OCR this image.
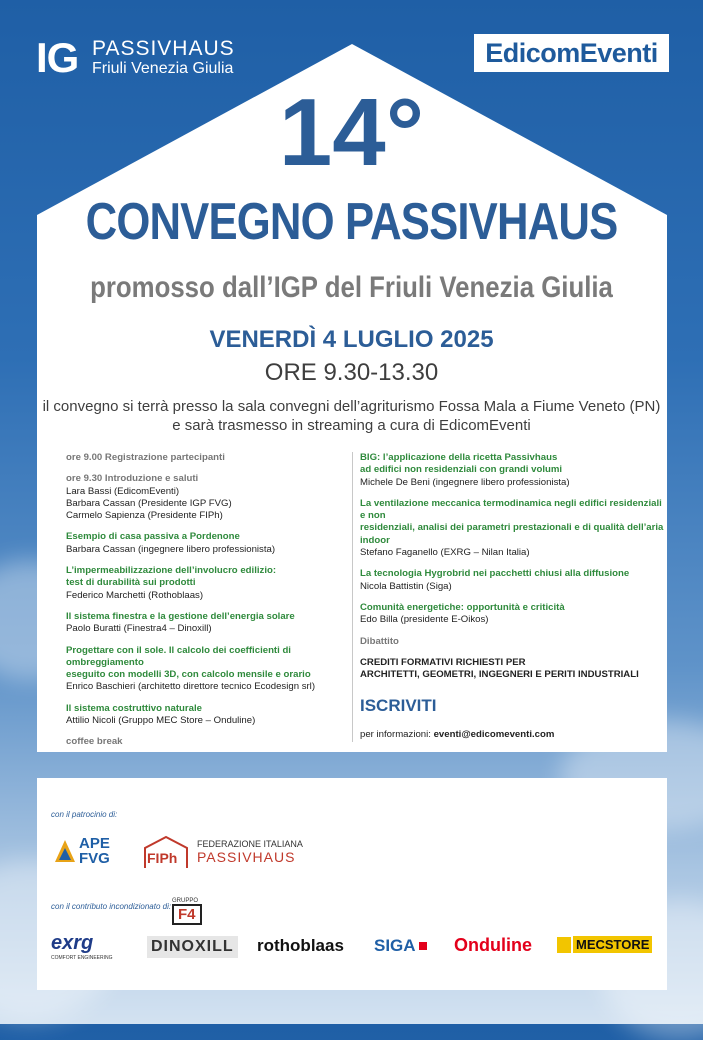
IG PASSIVHAUS
Friuli Venezia Giulia
EdicomEventi
14°
CONVEGNO PASSIVHAUS
promosso dall’IGP del Friuli Venezia Giulia
VENERDÌ 4 LUGLIO 2025
ORE 9.30-13.30
il convegno si terrà presso la sala convegni dell’agriturismo Fossa Mala a Fiume Veneto (PN)
e sarà trasmesso in streaming a cura di EdicomEventi
ore 9.00 Registrazione partecipanti
ore 9.30 Introduzione e saluti
Lara Bassi (EdicomEventi)
Barbara Cassan (Presidente IGP FVG)
Carmelo Sapienza (Presidente FIPh)
Esempio di casa passiva a Pordenone
Barbara Cassan (ingegnere libero professionista)
L’impermeabilizzazione dell’involucro edilizio:
test di durabilità sui prodotti
Federico Marchetti (Rothoblaas)
Il sistema finestra e la gestione dell’energia solare
Paolo Buratti (Finestra4 – Dinoxill)
Progettare con il sole. Il calcolo dei coefficienti di ombreggiamento
eseguito con modelli 3D, con calcolo mensile e orario
Enrico Baschieri (architetto direttore tecnico Ecodesign srl)
Il sistema costruttivo naturale
Attilio Nicoli (Gruppo MEC Store – Onduline)
coffee break
BIG: l’applicazione della ricetta Passivhaus
ad edifici non residenziali con grandi volumi
Michele De Beni (ingegnere libero professionista)
La ventilazione meccanica termodinamica negli edifici residenziali e non
residenziali, analisi dei parametri prestazionali e di qualità dell’aria indoor
Stefano Faganello (EXRG – Nilan Italia)
La tecnologia Hygrobrid nei pacchetti chiusi alla diffusione
Nicola Battistin (Siga)
Comunità energetiche: opportunità e criticità
Edo Billa (presidente E-Oikos)
Dibattito
CREDITI FORMATIVI RICHIESTI PER
ARCHITETTI, GEOMETRI, INGEGNERI E PERITI INDUSTRIALI
ISCRIVITI
per informazioni: eventi@edicomeventi.com
con il patrocinio di:
APE FVG	FIPh
FEDERAZIONE ITALIANA
PASSIVHAUS
con il contributo incondizionato di:
GRUPPO
F4
exrg
COMFORT ENGINEERING
DINOXILL rothoblaas SIGA Onduline	MECSTORE
